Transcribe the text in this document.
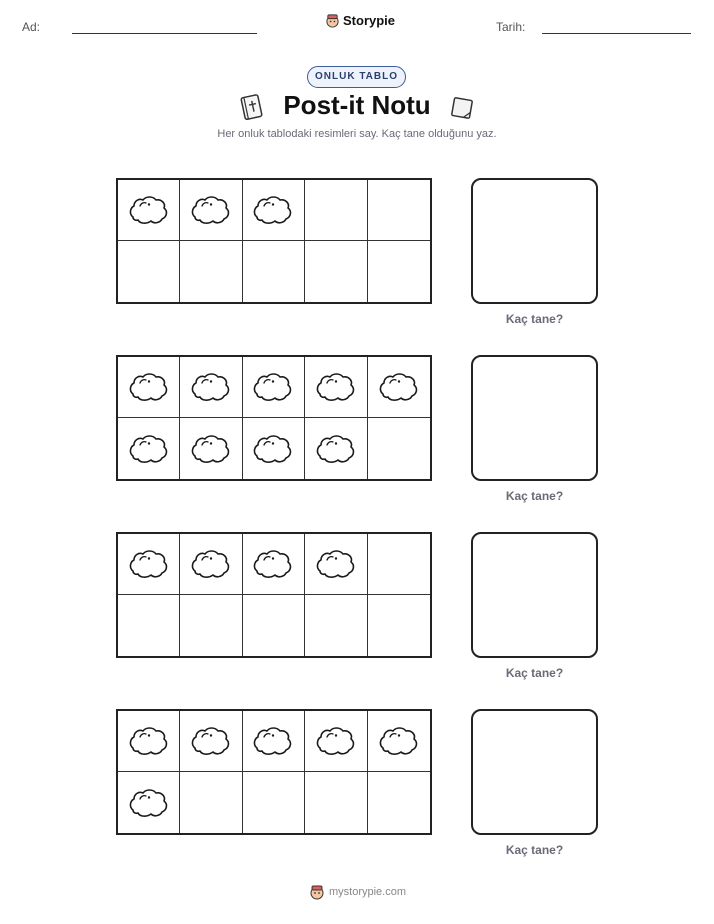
Ad:	Storypie	Tarih:
ONLUK TABLO
Post-it Notu
Her onluk tablodaki resimleri say. Kaç tane olduğunu yaz.
Kaç tane?
Kaç tane?
Kaç tane?
Kaç tane?
mystorypie.com
